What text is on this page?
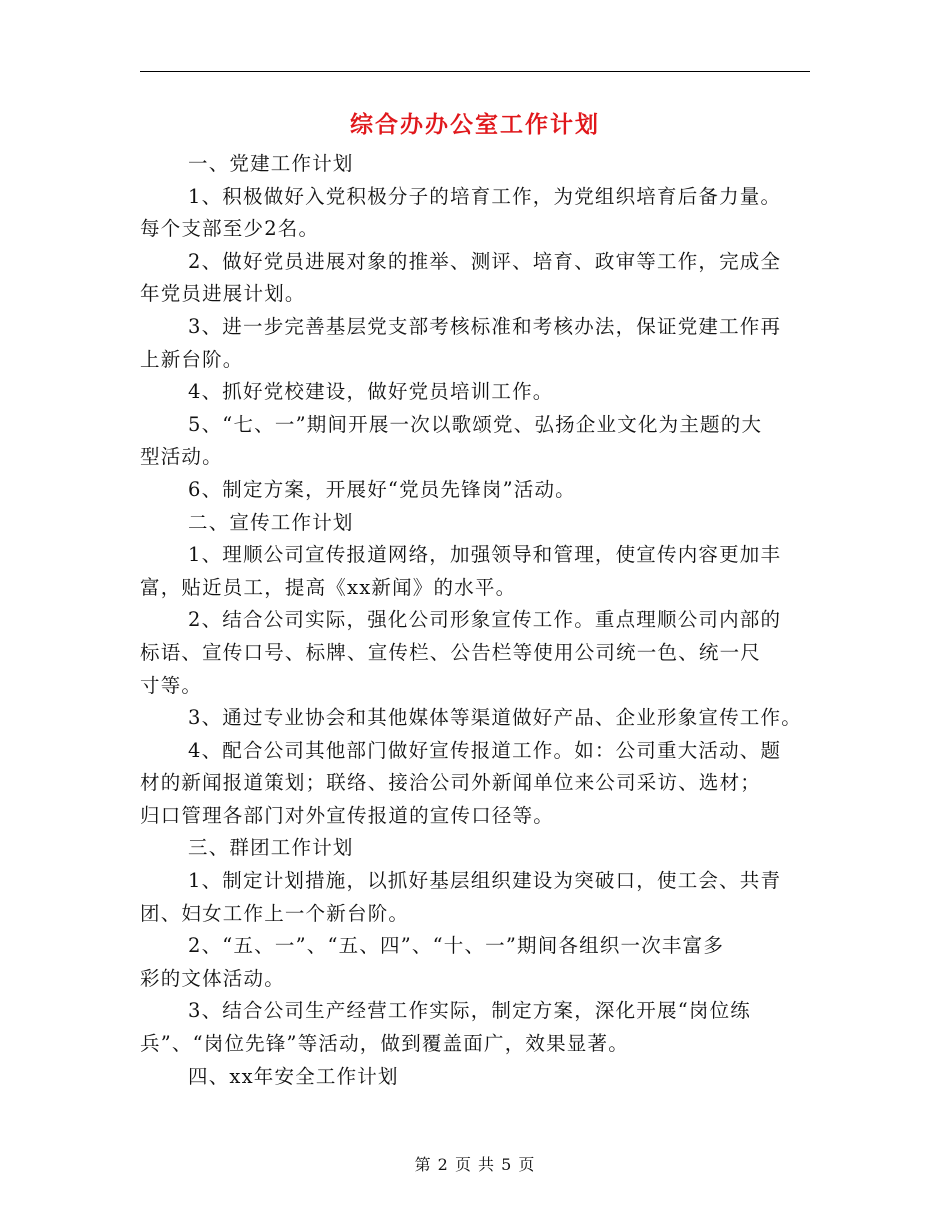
综合办办公室工作计划
一、党建工作计划
1、积极做好入党积极分子的培育工作，为党组织培育后备力量。
每个支部至少2名。
2、做好党员进展对象的推举、测评、培育、政审等工作，完成全
年党员进展计划。
3、进一步完善基层党支部考核标准和考核办法，保证党建工作再
上新台阶。
4、抓好党校建设，做好党员培训工作。
5、“七、一”期间开展一次以歌颂党、弘扬企业文化为主题的大
型活动。
6、制定方案，开展好“党员先锋岗”活动。
二、宣传工作计划
1、理顺公司宣传报道网络，加强领导和管理，使宣传内容更加丰
富，贴近员工，提高《xx新闻》的水平。
2、结合公司实际，强化公司形象宣传工作。重点理顺公司内部的
标语、宣传口号、标牌、宣传栏、公告栏等使用公司统一色、统一尺
寸等。
3、通过专业协会和其他媒体等渠道做好产品、企业形象宣传工作。
4、配合公司其他部门做好宣传报道工作。如：公司重大活动、题
材的新闻报道策划；联络、接洽公司外新闻单位来公司采访、选材；
归口管理各部门对外宣传报道的宣传口径等。
三、群团工作计划
1、制定计划措施，以抓好基层组织建设为突破口，使工会、共青
团、妇女工作上一个新台阶。
2、“五、一”、“五、四”、“十、一”期间各组织一次丰富多
彩的文体活动。
3、结合公司生产经营工作实际，制定方案，深化开展“岗位练
兵”、“岗位先锋”等活动，做到覆盖面广，效果显著。
四、xx年安全工作计划
第 2 页 共 5 页
